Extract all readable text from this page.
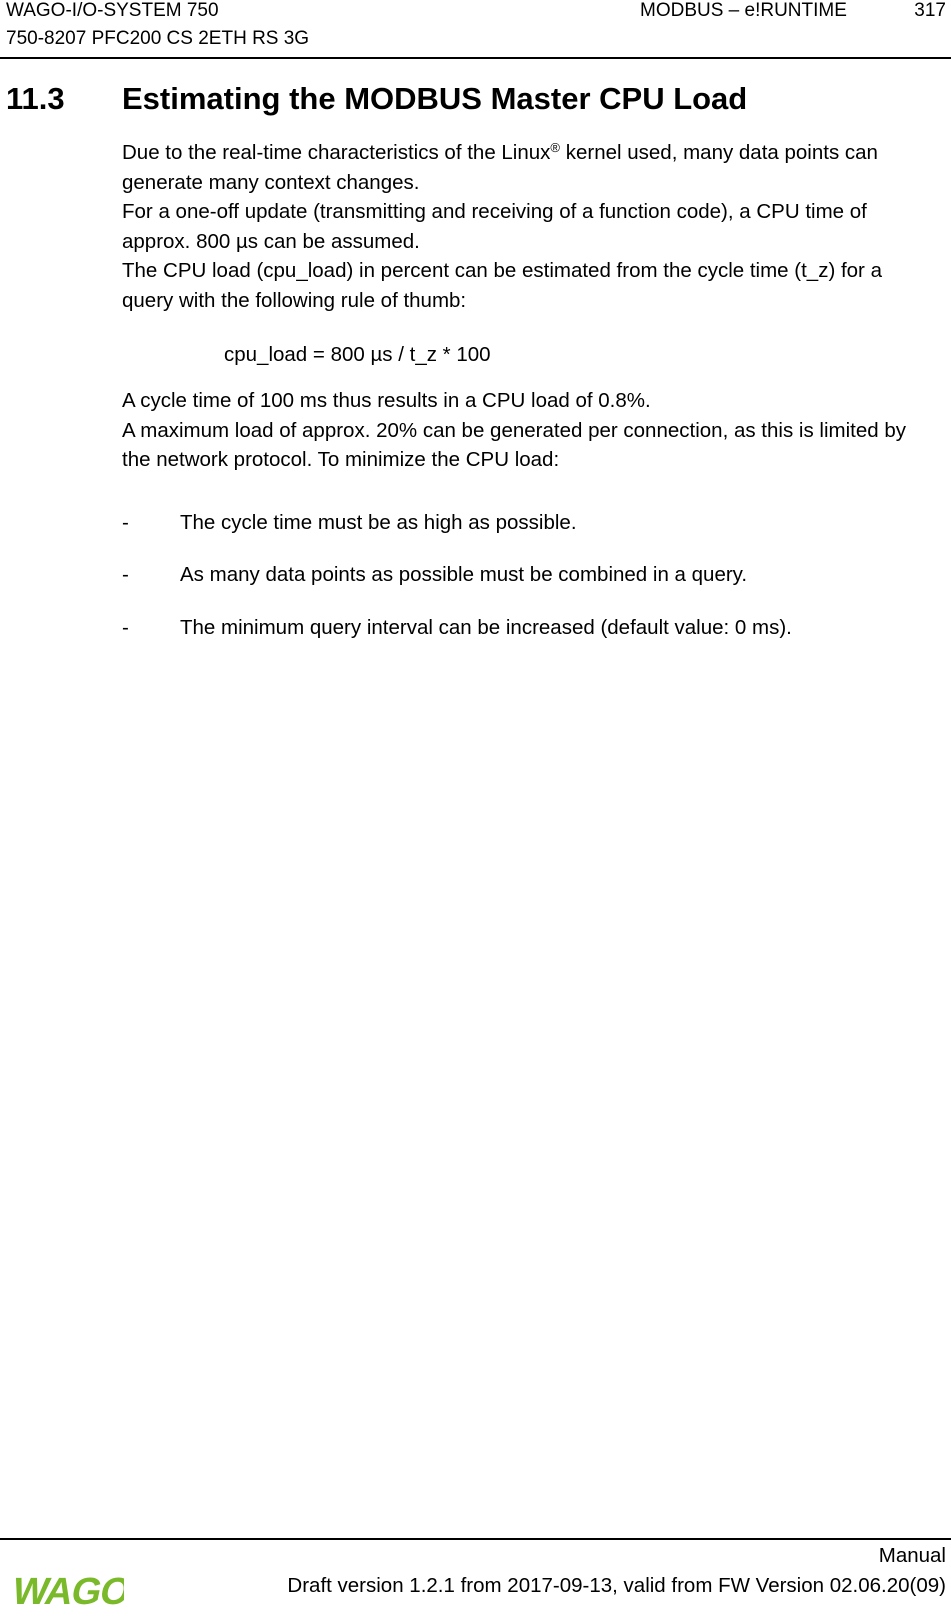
WAGO-I/O-SYSTEM 750
750-8207 PFC200 CS 2ETH RS 3G
MODBUS – e!RUNTIME	317
11.3 Estimating the MODBUS Master CPU Load

Due to the real-time characteristics of the Linux® kernel used, many data points can generate many context changes.

For a one-off update (transmitting and receiving of a function code), a CPU time of approx. 800 µs can be assumed.

The CPU load (cpu_load) in percent can be estimated from the cycle time (t_z) for a query with the following rule of thumb:

cpu_load = 800 µs / t_z * 100

A cycle time of 100 ms thus results in a CPU load of 0.8%.

A maximum load of approx. 20% can be generated per connection, as this is limited by the network protocol. To minimize the CPU load:

- The cycle time must be as high as possible.
- As many data points as possible must be combined in a query.
- The minimum query interval can be increased (default value: 0 ms).
Manual
Draft version 1.2.1 from 2017-09-13, valid from FW Version 02.06.20(09)
WAGO
